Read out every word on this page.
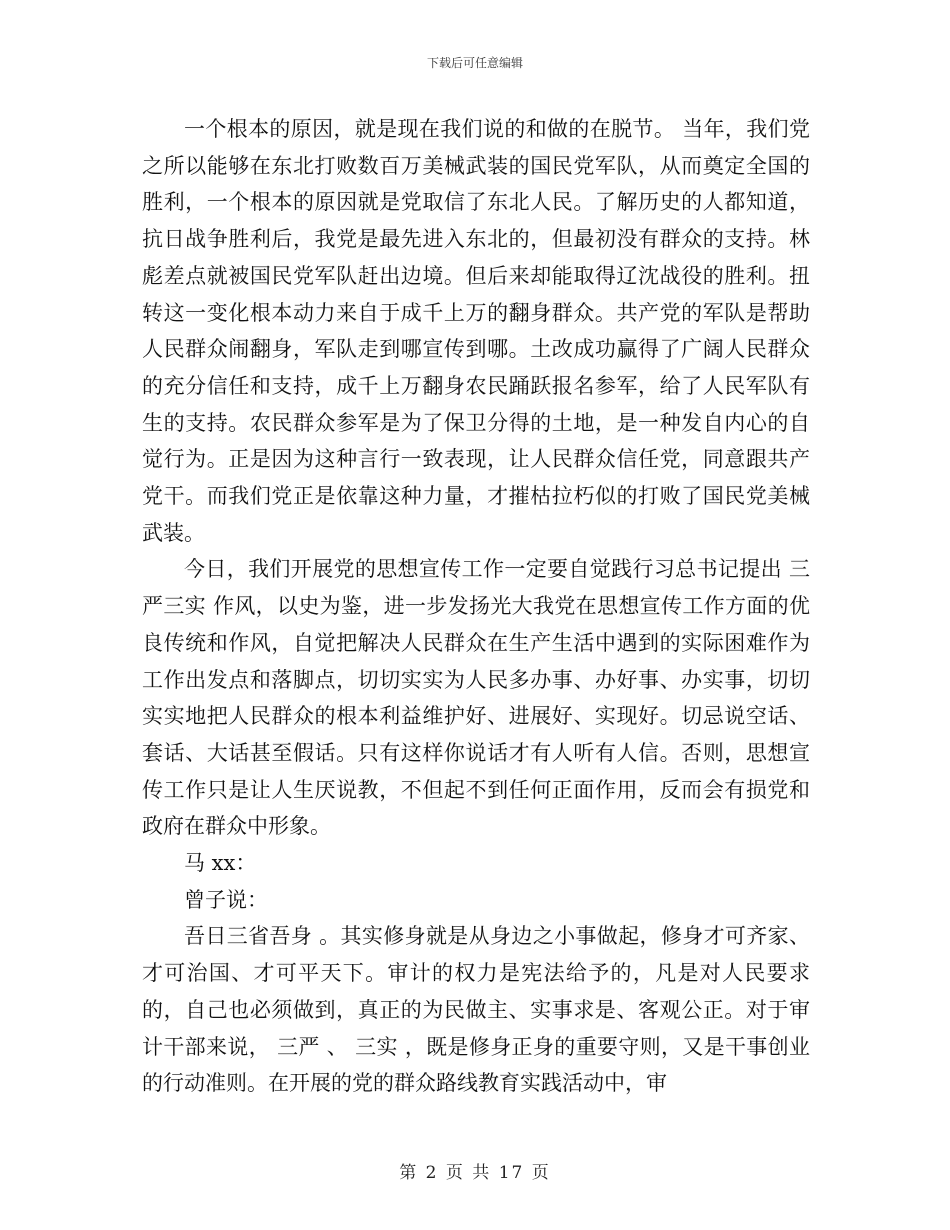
下载后可任意编辑

一个根本的原因，就是现在我们说的和做的在脱节。 当年，我们党之所以能够在东北打败数百万美械武装的国民党军队，从而奠定全国的胜利，一个根本的原因就是党取信了东北人民。了解历史的人都知道，抗日战争胜利后，我党是最先进入东北的，但最初没有群众的支持。林彪差点就被国民党军队赶出边境。但后来却能取得辽沈战役的胜利。扭转这一变化根本动力来自于成千上万的翻身群众。共产党的军队是帮助人民群众闹翻身，军队走到哪宣传到哪。土改成功赢得了广阔人民群众的充分信任和支持，成千上万翻身农民踊跃报名参军，给了人民军队有生的支持。农民群众参军是为了保卫分得的土地，是一种发自内心的自觉行为。正是因为这种言行一致表现，让人民群众信任党，同意跟共产党干。而我们党正是依靠这种力量，才摧枯拉朽似的打败了国民党美械武装。

今日，我们开展党的思想宣传工作一定要自觉践行习总书记提出 三严三实 作风，以史为鉴，进一步发扬光大我党在思想宣传工作方面的优良传统和作风，自觉把解决人民群众在生产生活中遇到的实际困难作为工作出发点和落脚点，切切实实为人民多办事、办好事、办实事，切切实实地把人民群众的根本利益维护好、进展好、实现好。切忌说空话、套话、大话甚至假话。只有这样你说话才有人听有人信。否则，思想宣传工作只是让人生厌说教，不但起不到任何正面作用，反而会有损党和政府在群众中形象。

马 xx：

曾子说：

吾日三省吾身 。其实修身就是从身边之小事做起，修身才可齐家、才可治国、才可平天下。审计的权力是宪法给予的，凡是对人民要求的，自己也必须做到，真正的为民做主、实事求是、客观公正。对于审计干部来说， 三严 、 三实 ，既是修身正身的重要守则，又是干事创业的行动准则。在开展的党的群众路线教育实践活动中，审

第 2 页 共 17 页
